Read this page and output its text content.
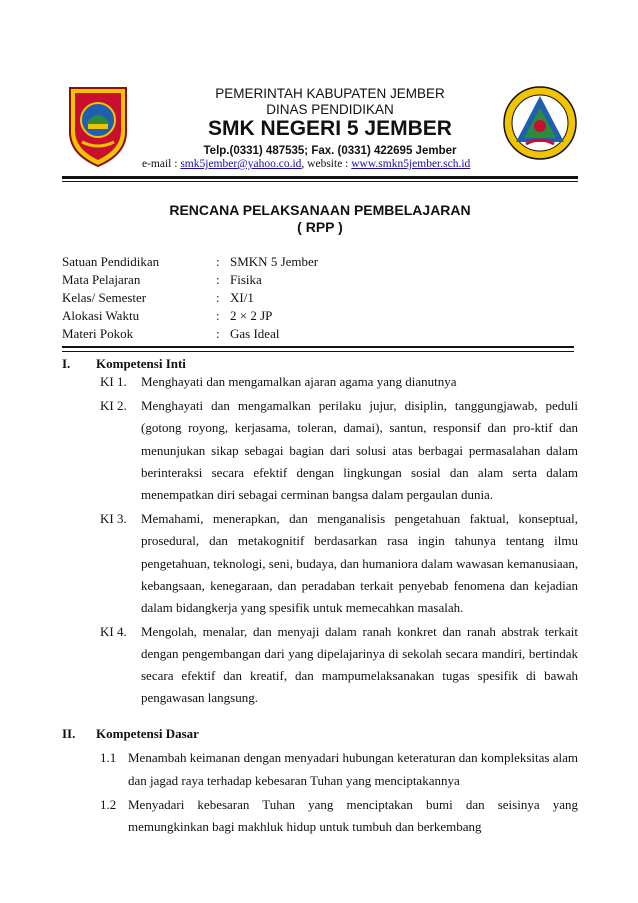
PEMERINTAH KABUPATEN JEMBER
DINAS PENDIDIKAN
SMK NEGERI 5 JEMBER
Telp.(0331) 487535; Fax. (0331) 422695 Jember
e-mail : smk5jember@yahoo.co.id, website : www.smkn5jember.sch.id
RENCANA PELAKSANAAN PEMBELAJARAN
( RPP )
Satuan Pendidikan	: SMKN 5 Jember
Mata Pelajaran	: Fisika
Kelas/ Semester	: XI/1
Alokasi Waktu	: 2 × 2 JP
Materi Pokok	: Gas Ideal
I. Kompetensi Inti
KI 1. Menghayati dan mengamalkan ajaran agama yang dianutnya
KI 2. Menghayati dan mengamalkan perilaku jujur, disiplin, tanggungjawab, peduli
(gotong royong, kerjasama, toleran, damai), santun, responsif dan pro-ktif dan
menunjukan sikap sebagai bagian dari solusi atas berbagai permasalahan dalam
berinteraksi secara efektif dengan lingkungan sosial dan alam serta dalam
menempatkan diri sebagai cerminan bangsa dalam pergaulan dunia.
KI 3. Memahami, menerapkan, dan menganalisis pengetahuan faktual, konseptual,
prosedural, dan metakognitif berdasarkan rasa ingin tahunya tentang ilmu
pengetahuan, teknologi, seni, budaya, dan humaniora dalam wawasan kemanusiaan,
kebangsaan, kenegaraan, dan peradaban terkait penyebab fenomena dan kejadian
dalam bidangkerja yang spesifik untuk memecahkan masalah.
KI 4. Mengolah, menalar, dan menyaji dalam ranah konkret dan ranah abstrak terkait
dengan pengembangan dari yang dipelajarinya di sekolah secara mandiri, bertindak
secara efektif dan kreatif, dan mampumelaksanakan tugas spesifik di bawah
pengawasan langsung.
II. Kompetensi Dasar
1.1 Menambah keimanan dengan menyadari hubungan keteraturan dan kompleksitas alam
dan jagad raya terhadap kebesaran Tuhan yang menciptakannya
1.2 Menyadari kebesaran Tuhan yang menciptakan bumi dan seisinya yang
memungkinkan bagi makhluk hidup untuk tumbuh dan berkembang
